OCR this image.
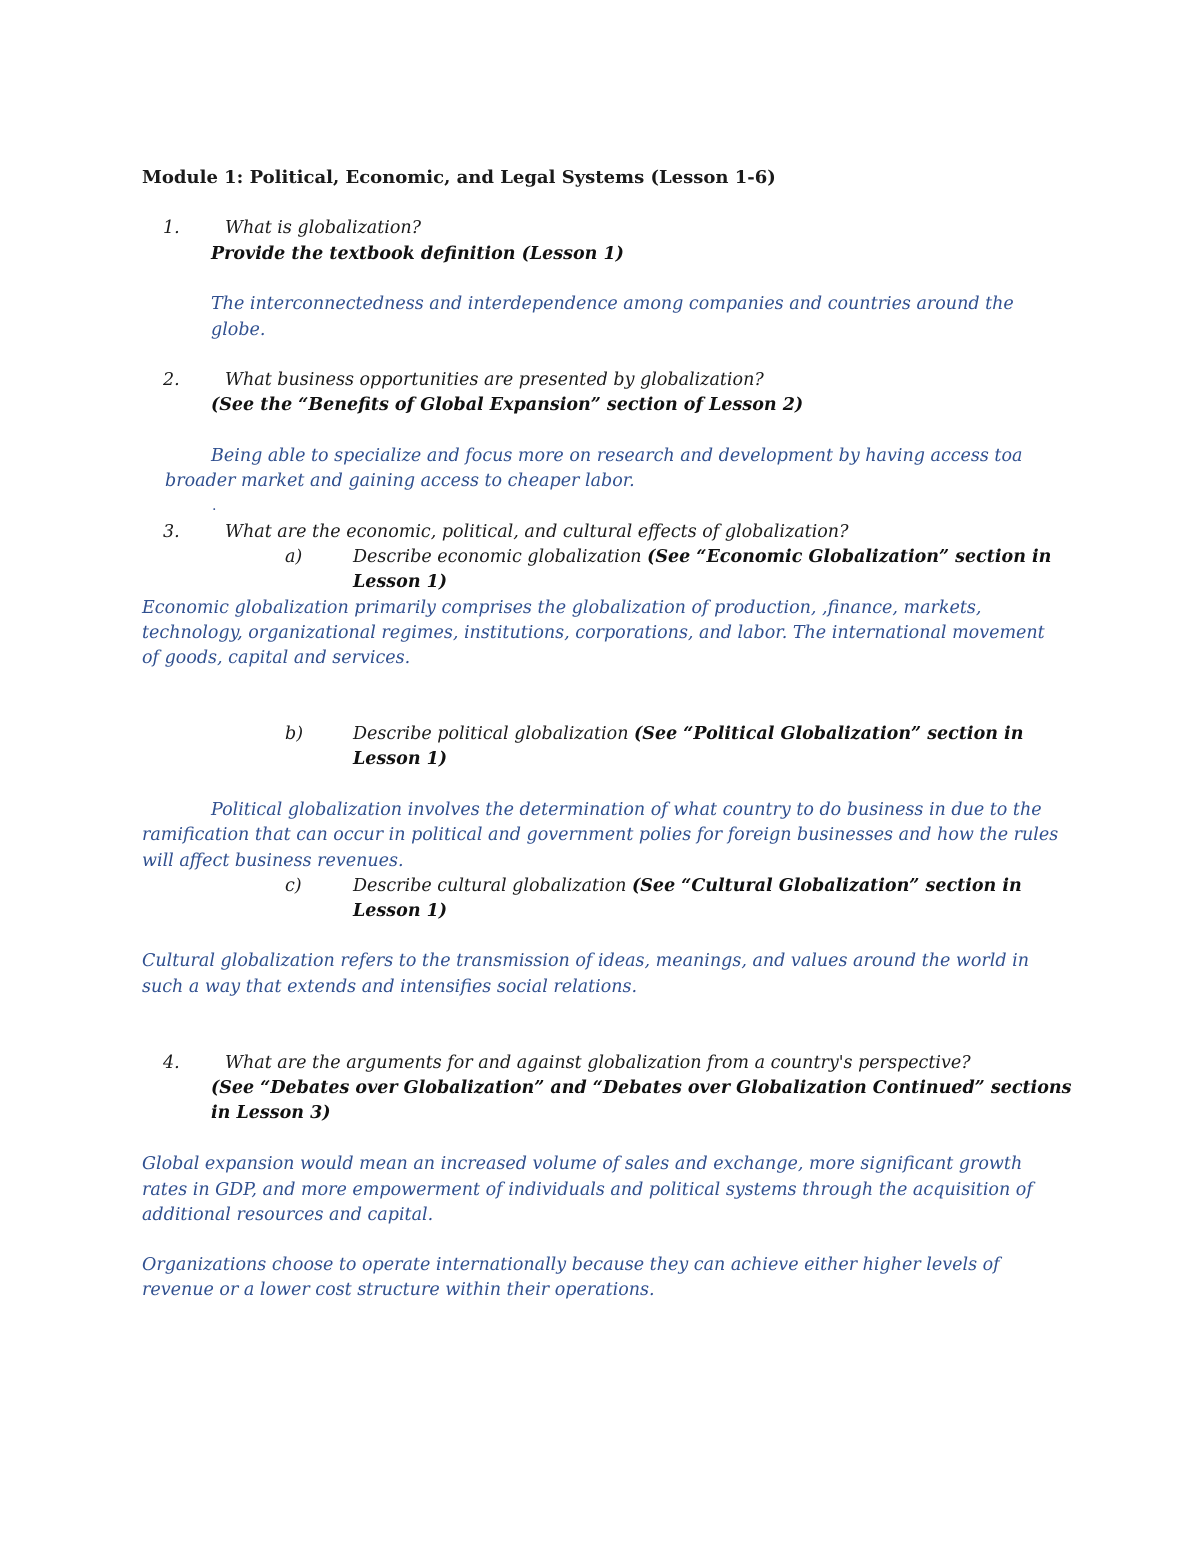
Module 1: Political, Economic, and Legal Systems (Lesson 1-6)
1.	What is globalization?
Provide the textbook definition (Lesson 1)
The interconnectedness and interdependence among companies and countries around the
globe.
2.	What business opportunities are presented by globalization?
(See the “Benefits of Global Expansion” section of Lesson 2)
Being able to specialize and focus more on research and development by having access toa
broader market and gaining access to cheaper labor.
.
3.	What are the economic, political, and cultural effects of globalization?
a)	Describe economic globalization (See “Economic Globalization” section in
Lesson 1)
Economic globalization primarily comprises the globalization of production, ,finance, markets,
technology, organizational regimes, institutions, corporations, and labor. The international movement
of goods, capital and services.
b)	Describe political globalization (See “Political Globalization” section in
Lesson 1)
Political globalization involves the determination of what country to do business in due to the
ramification that can occur in political and government polies for foreign businesses and how the rules
will affect business revenues.
c)	Describe cultural globalization (See “Cultural Globalization” section in
Lesson 1)
Cultural globalization refers to the transmission of ideas, meanings, and values around the world in
such a way that extends and intensifies social relations.
4.	What are the arguments for and against globalization from a country's perspective?
(See “Debates over Globalization” and “Debates over Globalization Continued” sections
in Lesson 3)
Global expansion would mean an increased volume of sales and exchange, more significant growth
rates in GDP, and more empowerment of individuals and political systems through the acquisition of
additional resources and capital.
Organizations choose to operate internationally because they can achieve either higher levels of
revenue or a lower cost structure within their operations.
